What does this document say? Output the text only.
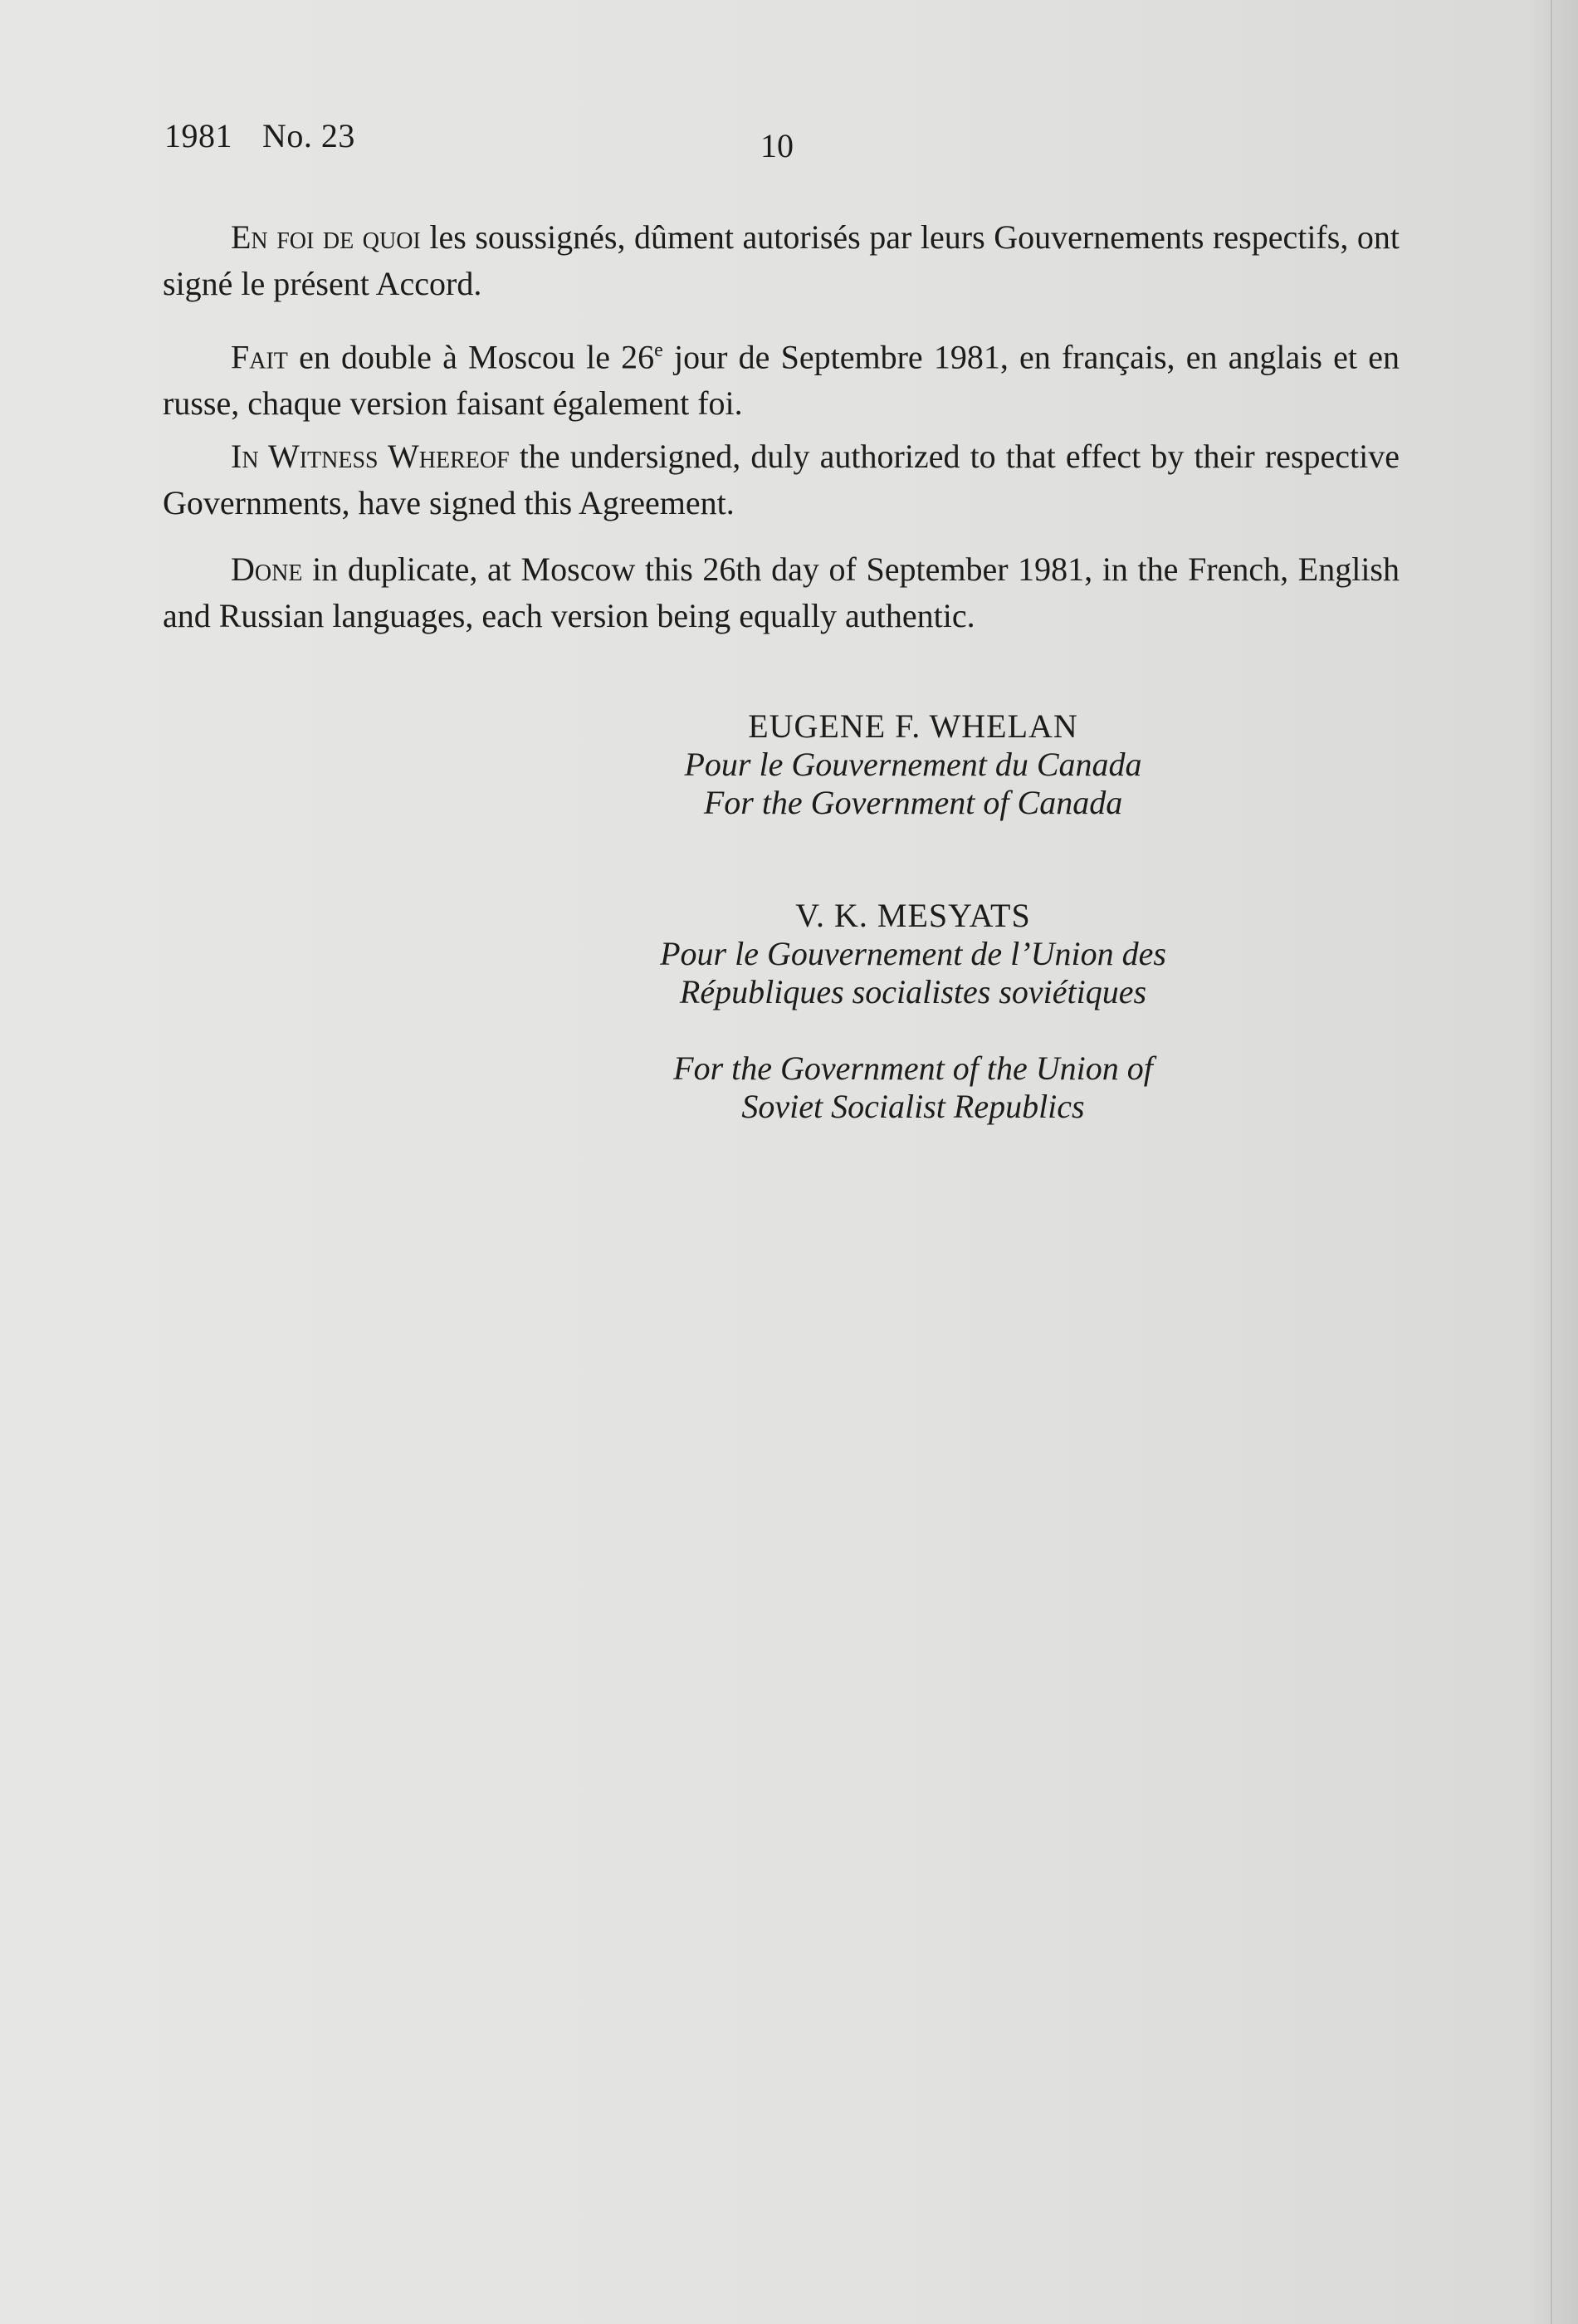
1981 No. 23	10

En foi de quoi les soussignés, dûment autorisés par leurs Gouvernements respectifs, ont signé le présent Accord.

Fait en double à Moscou le 26e jour de Septembre 1981, en français, en anglais et en russe, chaque version faisant également foi.

In Witness Whereof the undersigned, duly authorized to that effect by their respective Governments, have signed this Agreement.

Done in duplicate, at Moscow this 26th day of September 1981, in the French, English and Russian languages, each version being equally authentic.

EUGENE F. WHELAN
Pour le Gouvernement du Canada
For the Government of Canada
V. K. MESYATS
Pour le Gouvernement de l’Union des
Républiques socialistes soviétiques
For the Government of the Union of
Soviet Socialist Republics
